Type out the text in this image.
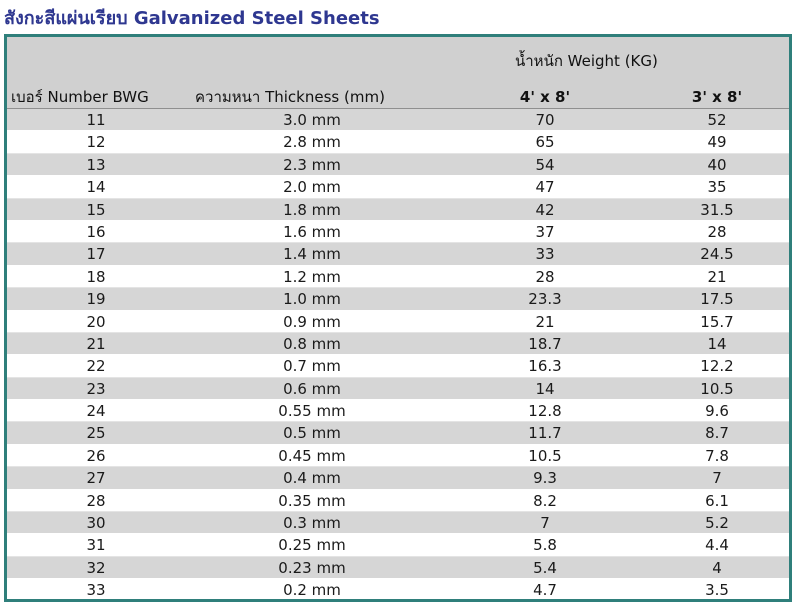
สังกะสีแผ่นเรียบ Galvanized Steel Sheets
น้ำหนัก Weight (KG)
เบอร์ Number BWG	ความหนา Thickness (mm)	4' x 8'	3' x 8'
11	3.0 mm	70	52
12	2.8 mm	65	49
13	2.3 mm	54	40
14	2.0 mm	47	35
15	1.8 mm	42	31.5
16	1.6 mm	37	28
17	1.4 mm	33	24.5
18	1.2 mm	28	21
19	1.0 mm	23.3	17.5
20	0.9 mm	21	15.7
21	0.8 mm	18.7	14
22	0.7 mm	16.3	12.2
23	0.6 mm	14	10.5
24	0.55 mm	12.8	9.6
25	0.5 mm	11.7	8.7
26	0.45 mm	10.5	7.8
27	0.4 mm	9.3	7
28	0.35 mm	8.2	6.1
30	0.3 mm	7	5.2
31	0.25 mm	5.8	4.4
32	0.23 mm	5.4	4
33	0.2 mm	4.7	3.5
